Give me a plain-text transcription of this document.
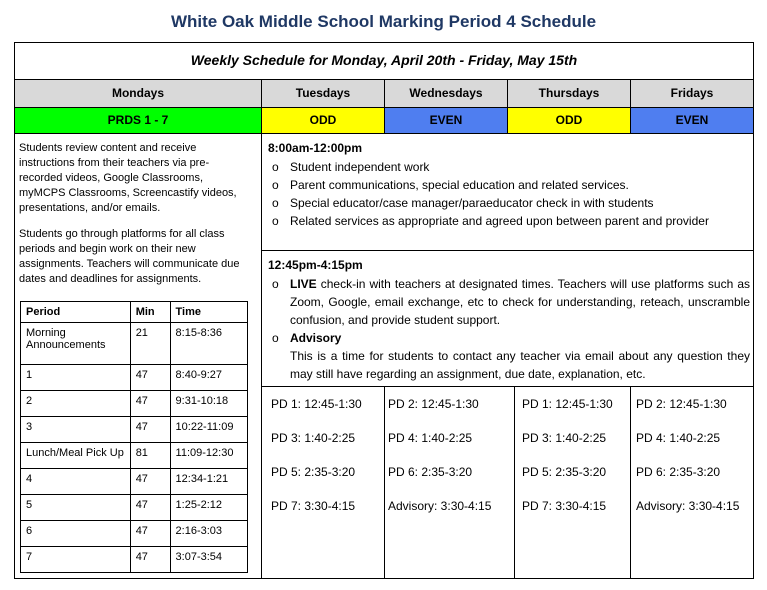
White Oak Middle School Marking Period 4 Schedule
Weekly Schedule for Monday, April 20th - Friday, May 15th
Mondays	Tuesdays	Wednesdays	Thursdays	Fridays
PRDS 1 - 7	ODD	EVEN	ODD	EVEN
Students review content and receive instructions from their teachers via pre-recorded videos, Google Classrooms, myMCPS Classrooms, Screencastify videos, presentations, and/or emails.
Students go through platforms for all class periods and begin work on their new assignments. Teachers will communicate due dates and deadlines for assignments.
Period	Min	Time
Morning Announcements	21	8:15-8:36
1	47	8:40-9:27
2	47	9:31-10:18
3	47	10:22-11:09
Lunch/Meal Pick Up	81	11:09-12:30
4	47	12:34-1:21
5	47	1:25-2:12
6	47	2:16-3:03
7	47	3:07-3:54
8:00am-12:00pm
o Student independent work
o Parent communications, special education and related services.
o Special educator/case manager/paraeducator check in with students
o Related services as appropriate and agreed upon between parent and provider
12:45pm-4:15pm
o LIVE check-in with teachers at designated times. Teachers will use platforms such as Zoom, Google, email exchange, etc to check for understanding, reteach, unscramble confusion, and provide student support.
o Advisory
This is a time for students to contact any teacher via email about any question they may still have regarding an assignment, due date, explanation, etc.
PD 1: 12:45-1:30
PD 3: 1:40-2:25
PD 5: 2:35-3:20
PD 7: 3:30-4:15
PD 2: 12:45-1:30
PD 4: 1:40-2:25
PD 6: 2:35-3:20
Advisory: 3:30-4:15
PD 1: 12:45-1:30
PD 3: 1:40-2:25
PD 5: 2:35-3:20
PD 7: 3:30-4:15
PD 2: 12:45-1:30
PD 4: 1:40-2:25
PD 6: 2:35-3:20
Advisory: 3:30-4:15
